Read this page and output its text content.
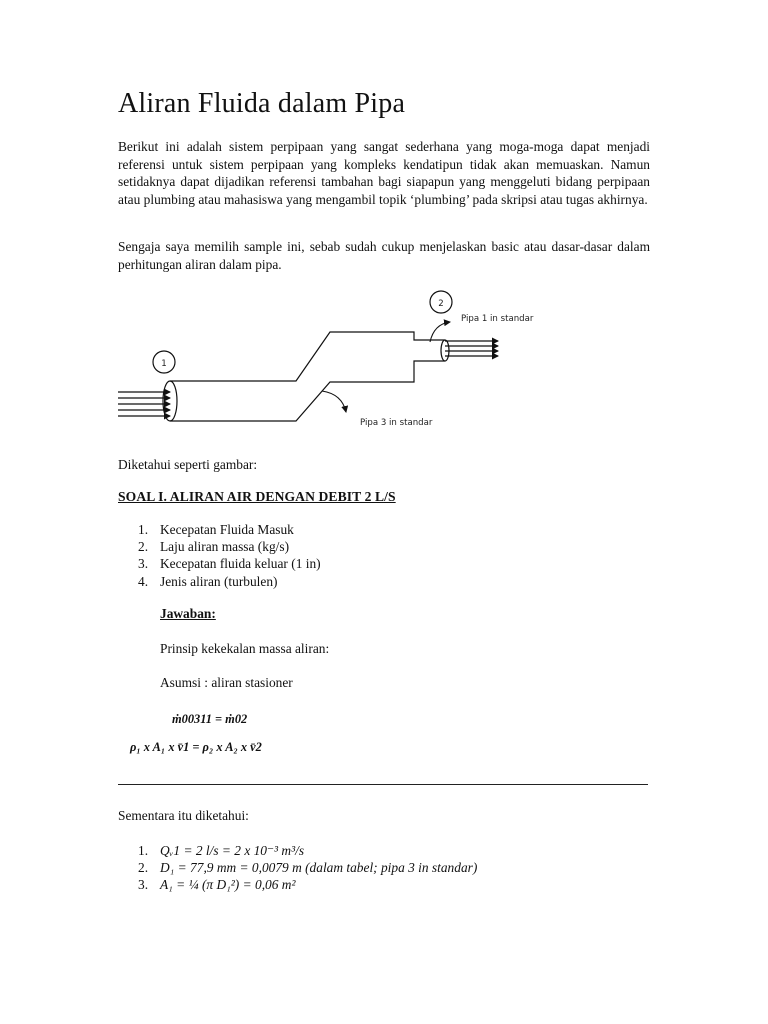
Aliran Fluida dalam Pipa

Berikut ini adalah sistem perpipaan yang sangat sederhana yang moga-moga dapat menjadi referensi untuk sistem perpipaan yang kompleks kendatipun tidak akan memuaskan. Namun setidaknya dapat dijadikan referensi tambahan bagi siapapun yang menggeluti bidang perpipaan atau plumbing atau mahasiswa yang mengambil topik ‘plumbing’ pada skripsi atau tugas akhirnya.

Sengaja saya memilih sample ini, sebab sudah cukup menjelaskan basic atau dasar-dasar dalam perhitungan aliran dalam pipa.

1
2
Pipa 1 in standar
Pipa 3 in standar

Diketahui seperti gambar:

SOAL I. ALIRAN AIR DENGAN DEBIT 2 L/S

1. Kecepatan Fluida Masuk
2. Laju aliran massa (kg/s)
3. Kecepatan fluida keluar (1 in)
4. Jenis aliran (turbulen)

Jawaban:

Prinsip kekekalan massa aliran:

Asumsi : aliran stasioner

ṁ00311 = ṁ02

ρ₁ x A₁ x v̄1 = ρ₂ x A₂ x v̄2

Sementara itu diketahui:

1. Qᵥ1 = 2 l/s = 2 x 10⁻³ m³/s
2. D₁ = 77,9 mm = 0,0079 m (dalam tabel; pipa 3 in standar)
3. A₁ = ¼ (π D₁²) = 0,06 m²
